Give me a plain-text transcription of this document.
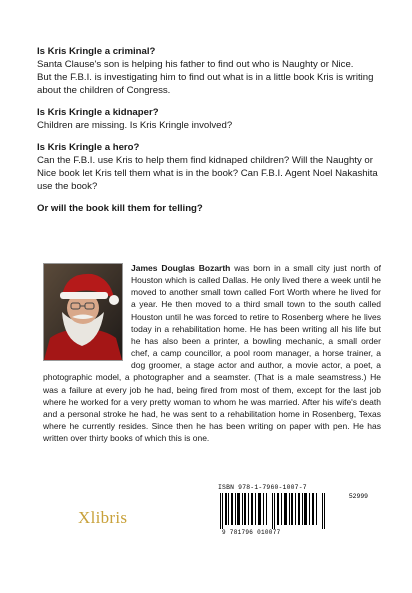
Is Kris Kringle a criminal?
Santa Clause's son is helping his father to find out who is Naughty or Nice.
But the F.B.I. is investigating him to find out what is in a little book Kris is writing about the children of Congress.
Is Kris Kringle a kidnaper?
Children are missing. Is Kris Kringle involved?
Is Kris Kringle a hero?
Can the F.B.I. use Kris to help them find kidnaped children? Will the Naughty or Nice book let Kris tell them what is in the book? Can F.B.I. Agent Noel Nakashita use the book?
Or will the book kill them for telling?
James Douglas Bozarth was born in a small city just north of Houston which is called Dallas. He only lived there a week until he moved to another small town called Fort Worth where he lived for a year. He then moved to a third small town to the south called Houston until he was forced to retire to Rosenberg where he lives today in a rehabilitation home. He has been writing all his life but he has also been a printer, a bowling mechanic, a small order chef, a camp councillor, a pool room manager, a horse trainer, a dog groomer, a stage actor and author, a movie actor, a poet, a photographic model, a photographer and a seamster. (That is a male seamstress.) He was a failure at every job he had, being fired from most of them, except for the last job where he worked for a very pretty woman to whom he was married. After his wife's death and a personal stroke he had, he was sent to a rehabilitation home in Rosenberg, Texas where he currently resides. Since then he has been writing on paper with pen. He has written over thirty books of which this is one.
Xlibris
ISBN 978-1-7960-1007-7
52999
9 781796 010077
